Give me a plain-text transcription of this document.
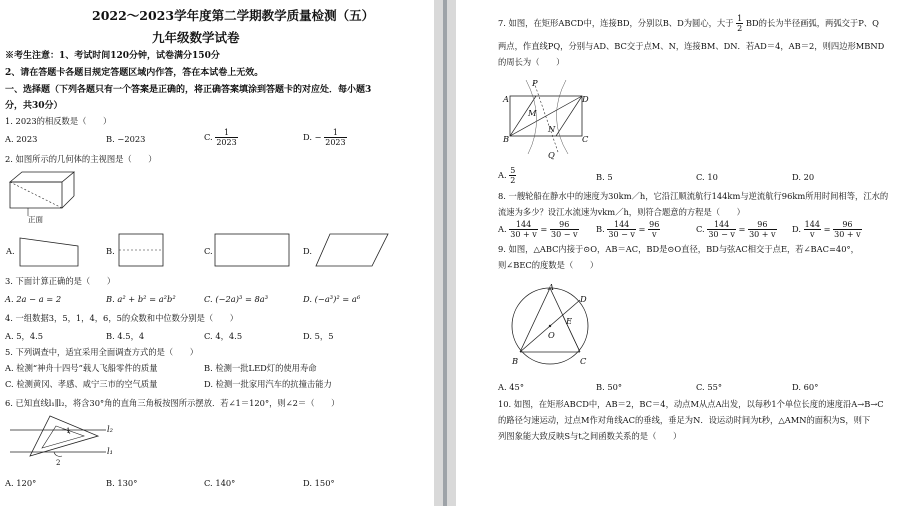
2022～2023学年度第二学期教学质量检测（五）
九年级数学试卷
※考生注意：1、考试时间120分钟，试卷满分150分
2、请在答题卡各题目规定答题区域内作答，答在本试卷上无效。
一、选择题（下列各题只有一个答案是正确的，将正确答案填涂到答题卡的对应处．每小题3
分，共30分）
1. 2023的相反数是（　　）
A. 2023	B. −2023	C. $\frac{1}{2023}$	D. − $\frac{1}{2023}$
2. 如图所示的几何体的主视图是（　　）
正面
A.	B.	C.	D.
3. 下面计算正确的是（　　）
A. 2a − a = 2	B. a² + b² = a²b²	C. (−2a)³ = 8a³	D. (−a³)² = a⁶
4. 一组数据3，5，1，4，6，5的众数和中位数分别是（　　）
A. 5，4.5	B. 4.5，4	C. 4，4.5	D. 5，5
5. 下列调查中，适宜采用全面调查方式的是（　　）
A. 检测“神舟十四号”载人飞船零件的质量	B. 检测一批LED灯的使用寿命
C. 检测黄冈、孝感、咸宁三市的空气质量	D. 检测一批家用汽车的抗撞击能力
6. 已知直线l₁∥l₂，将含30°角的直角三角板按图所示摆放．若∠1＝120°，则∠2＝（　　）
l₂
l₁
1
2
A. 120°	B. 130°	C. 140°	D. 150°
7. 如图，在矩形ABCD中，连接BD，分别以B、D为圆心，大于 $\frac{1}{2}$ BD的长为半径画弧，两弧交于P、Q
两点，作直线PQ，分别与AD、BC交于点M、N，连接BM、DN．若AD＝4，AB＝2，则四边形MBND
的周长为（　　）
A	D
B	C
P
Q
M
N
A. $\frac{5}{2}$	B. 5	C. 10	D. 20
8. 一艘轮船在静水中的速度为30km／h，它沿江顺流航行144km与逆流航行96km所用时间相等，江水的
流速为多少？设江水流速为vkm／h，则符合题意的方程是（　　）
A. $\frac{144}{30 + v} = \frac{96}{30 - v} B$. $\frac{144}{30 - v} = \frac{96}{v}$	C. $\frac{144}{30 - v} = \frac{96}{30 + v} D$. $\frac{144}{v} = \frac{96}{30 + v}$
9. 如图，△ABC内接于⊙O，AB＝AC，BD是⊙O直径，BD与弦AC相交于点E，若∠BAC=40°，
则∠BEC的度数是（　　）
A
D
E
O
B	C
A. 45°	B. 50°	C. 55°	D. 60°
10. 如图，在矩形ABCD中，AB＝2，BC＝4，动点M从点A出发，以每秒1个单位长度的速度沿A→B→C
的路径匀速运动，过点M作对角线AC的垂线，垂足为N．设运动时间为t秒，△AMN的面积为S，则下
列图象能大致反映S与t之间函数关系的是（　　）
